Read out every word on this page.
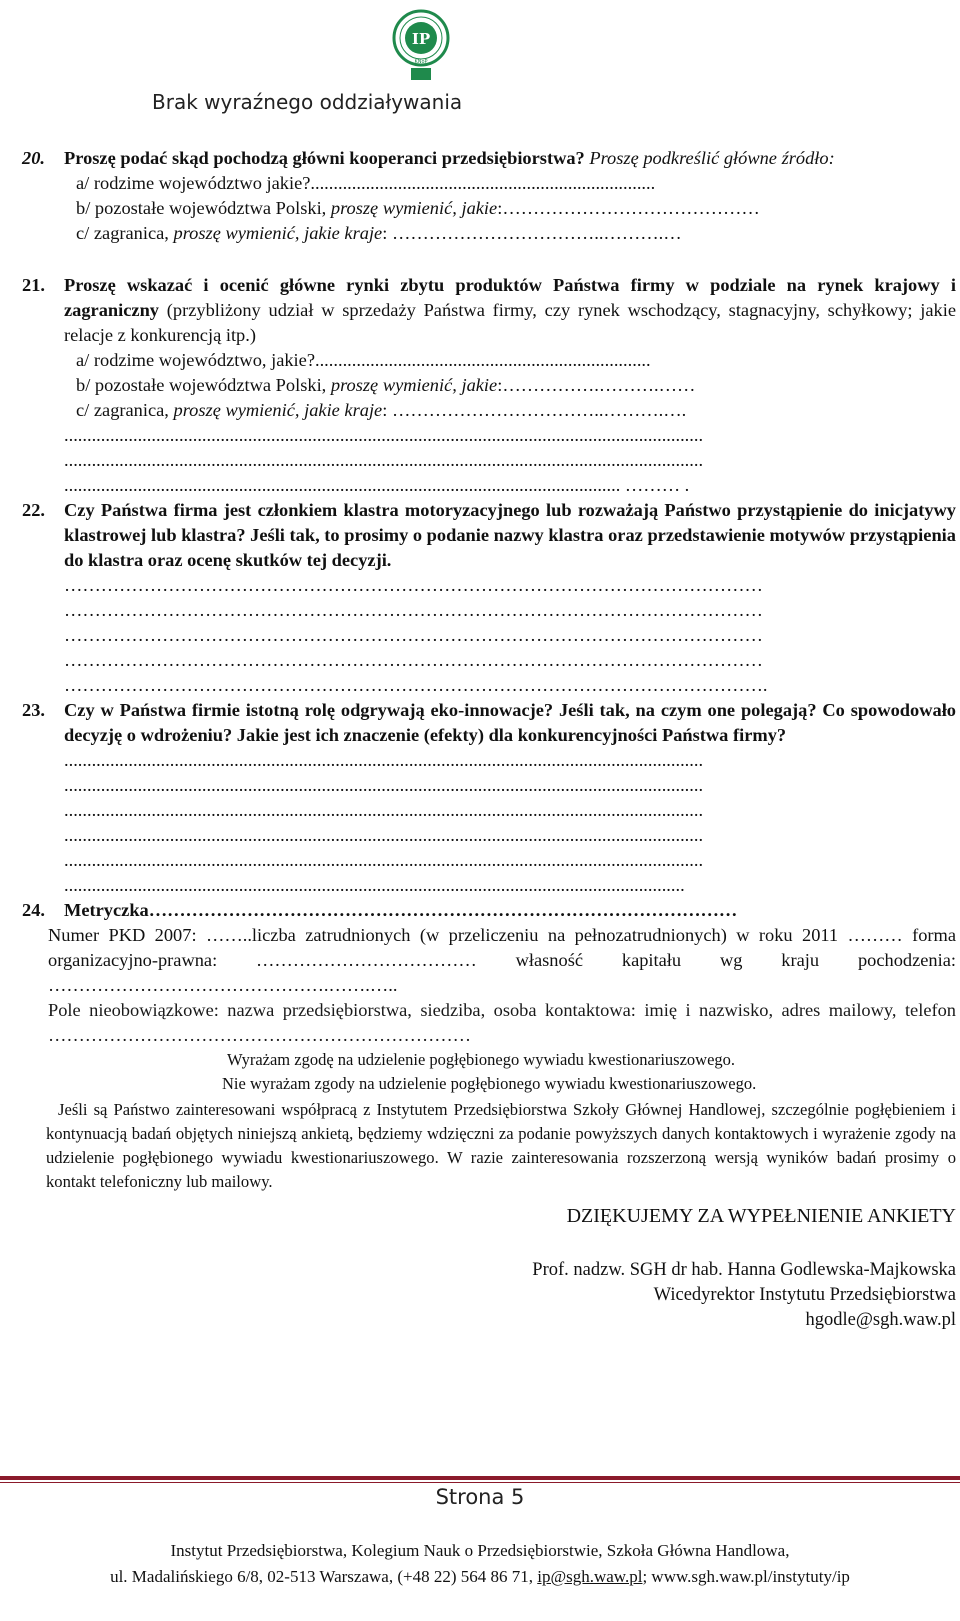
IP
KNoP
Brak wyraźnego oddziaływania
20. Proszę podać skąd pochodzą główni kooperanci przedsiębiorstwa? Proszę podkreślić główne źródło:
a/ rodzime województwo jakie?...........................................................................
b/ pozostałe województwa Polski, proszę wymienić, jakie:……………………………………
c/ zagranica, proszę wymienić, jakie kraje: ……………………………..……….…
21. Proszę wskazać i ocenić główne rynki zbytu produktów Państwa firmy w podziale na rynek krajowy i zagraniczny (przybliżony udział w sprzedaży Państwa firmy, czy rynek wschodzący, stagnacyjny, schyłkowy; jakie relacje z konkurencją itp.)
a/ rodzime województwo, jakie?.........................................................................
b/ pozostałe województwa Polski, proszę wymienić, jakie:…………….……….……
c/ zagranica, proszę wymienić, jakie kraje: ……………………………..……….….
...........................................................................................................................................
...........................................................................................................................................
......................................................................................................................... ……… .
22. Czy Państwa firma jest członkiem klastra motoryzacyjnego lub rozważają Państwo przystąpienie do inicjatywy klastrowej lub klastra? Jeśli tak, to prosimy o podanie nazwy klastra oraz przedstawienie motywów przystąpienia do klastra oraz ocenę skutków tej decyzji.
……………………………………………………………………………………………………
……………………………………………………………………………………………………
……………………………………………………………………………………………………
……………………………………………………………………………………………………
…………………………………………………………………………………………………….
23. Czy w Państwa firmie istotną rolę odgrywają eko-innowacje? Jeśli tak, na czym one polegają? Co spowodowało decyzję o wdrożeniu? Jakie jest ich znaczenie (efekty) dla konkurencyjności Państwa firmy?
...........................................................................................................................................
...........................................................................................................................................
...........................................................................................................................................
...........................................................................................................................................
...........................................................................................................................................
.......................................................................................................................................
24. Metryczka……………………………………………………………………………………
Numer PKD 2007: ……..liczba zatrudnionych (w przeliczeniu na pełnozatrudnionych) w roku 2011 ……… forma organizacyjno-prawna: ……………………………… własność kapitału wg kraju pochodzenia: ……………………………………….…….…..
Pole nieobowiązkowe: nazwa przedsiębiorstwa, siedziba, osoba kontaktowa: imię i nazwisko, adres mailowy, telefon ……………………………………………………………
Wyrażam zgodę na udzielenie pogłębionego wywiadu kwestionariuszowego.
Nie wyrażam zgody na udzielenie pogłębionego wywiadu kwestionariuszowego.
Jeśli są Państwo zainteresowani współpracą z Instytutem Przedsiębiorstwa Szkoły Głównej Handlowej, szczególnie pogłębieniem i kontynuacją badań objętych niniejszą ankietą, będziemy wdzięczni za podanie powyższych danych kontaktowych i wyrażenie zgody na udzielenie pogłębionego wywiadu kwestionariuszowego. W razie zainteresowania rozszerzoną wersją wyników badań prosimy o kontakt telefoniczny lub mailowy.
DZIĘKUJEMY ZA WYPEŁNIENIE ANKIETY
Prof. nadzw. SGH dr hab. Hanna Godlewska-Majkowska
Wicedyrektor Instytutu Przedsiębiorstwa
hgodle@sgh.waw.pl
Strona 5
Instytut Przedsiębiorstwa, Kolegium Nauk o Przedsiębiorstwie, Szkoła Główna Handlowa,
ul. Madalińskiego 6/8, 02-513 Warszawa, (+48 22) 564 86 71, ip@sgh.waw.pl; www.sgh.waw.pl/instytuty/ip
